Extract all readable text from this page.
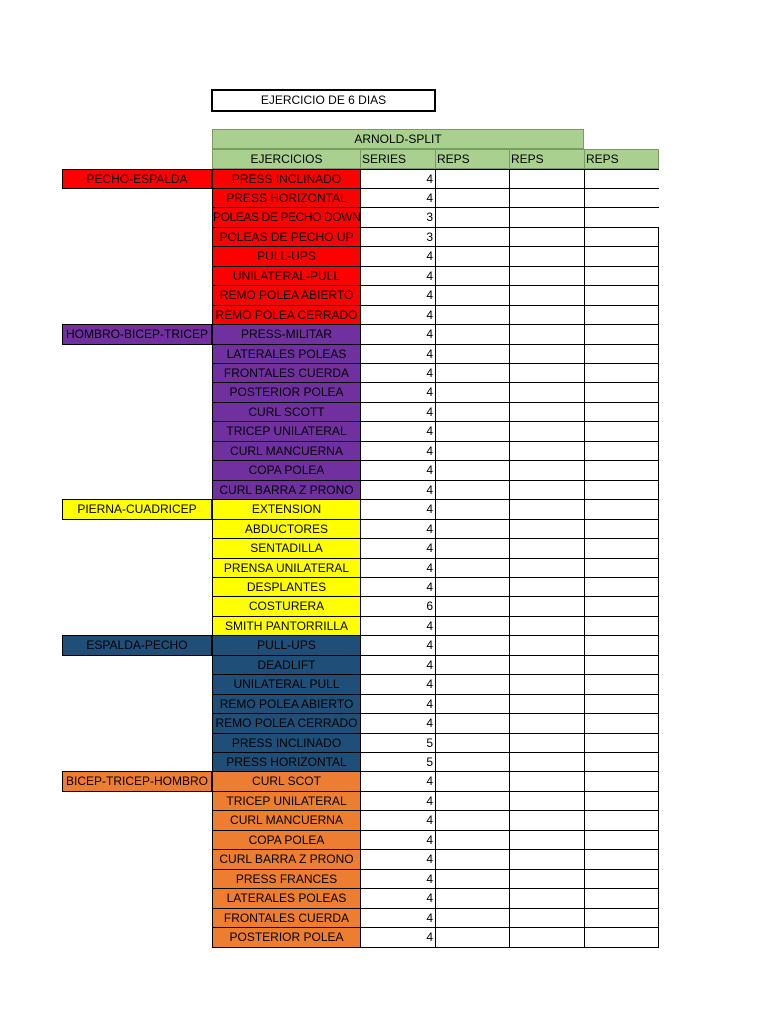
EJERCICIO DE 6 DIAS
ARNOLD-SPLIT
EJERCICIOS	SERIES	REPS	REPS	REPS
PECHO-ESPALDA	PRESS INCLINADO	4
PRESS HORIZONTAL	4
POLEAS DE PECHO DOWN	3
POLEAS DE PECHO UP	3
PULL-UPS	4
UNILATERAL-PULL	4
REMO POLEA ABIERTO	4
REMO POLEA CERRADO	4
HOMBRO-BICEP-TRICEP	PRESS-MILITAR	4
LATERALES POLEAS	4
FRONTALES CUERDA	4
POSTERIOR POLEA	4
CURL SCOTT	4
TRICEP UNILATERAL	4
CURL MANCUERNA	4
COPA POLEA	4
CURL BARRA Z PRONO	4
PIERNA-CUADRICEP	EXTENSION	4
ABDUCTORES	4
SENTADILLA	4
PRENSA UNILATERAL	4
DESPLANTES	4
COSTURERA	6
SMITH PANTORRILLA	4
ESPALDA-PECHO	PULL-UPS	4
DEADLIFT	4
UNILATERAL PULL	4
REMO POLEA ABIERTO	4
REMO POLEA CERRADO	4
PRESS INCLINADO	5
PRESS HORIZONTAL	5
BICEP-TRICEP-HOMBRO	CURL SCOT	4
TRICEP UNILATERAL	4
CURL MANCUERNA	4
COPA POLEA	4
CURL BARRA Z PRONO	4
PRESS FRANCES	4
LATERALES POLEAS	4
FRONTALES CUERDA	4
POSTERIOR POLEA	4
